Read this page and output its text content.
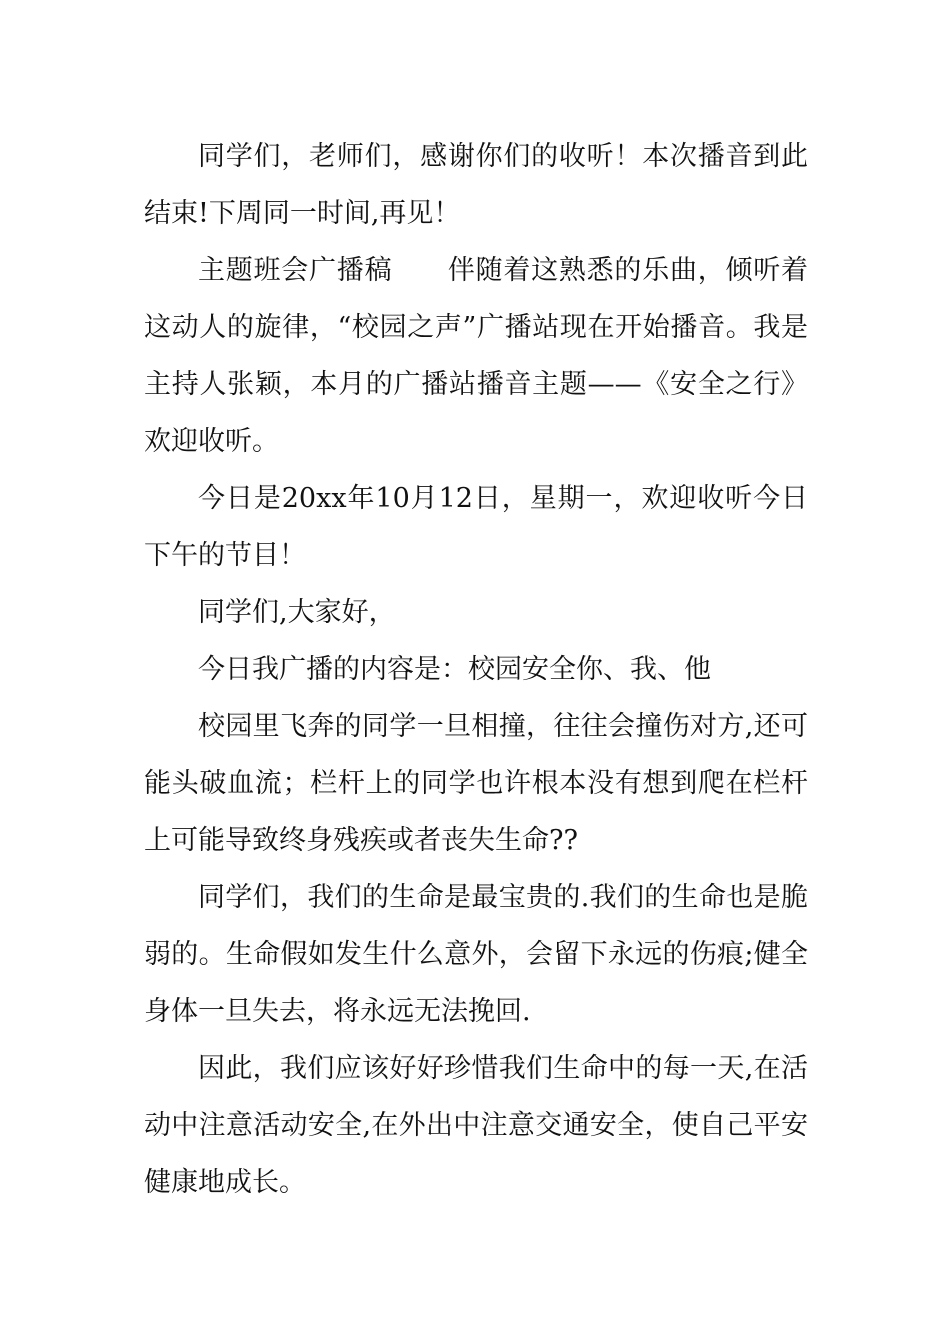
同学们，老师们，感谢你们的收听！本次播音到此结束!下周同一时间,再见！

主题班会广播稿　　伴随着这熟悉的乐曲，倾听着这动人的旋律，“校园之声”广播站现在开始播音。我是主持人张颖，本月的广播站播音主题——《安全之行》欢迎收听。

今日是20xx年10月12日，星期一，欢迎收听今日下午的节目！

同学们,大家好，

今日我广播的内容是：校园安全你、我、他

校园里飞奔的同学一旦相撞，往往会撞伤对方,还可能头破血流；栏杆上的同学也许根本没有想到爬在栏杆上可能导致终身残疾或者丧失生命??

同学们，我们的生命是最宝贵的.我们的生命也是脆弱的。生命假如发生什么意外，会留下永远的伤痕;健全身体一旦失去，将永远无法挽回.

因此，我们应该好好珍惜我们生命中的每一天,在活动中注意活动安全,在外出中注意交通安全，使自己平安健康地成长。
